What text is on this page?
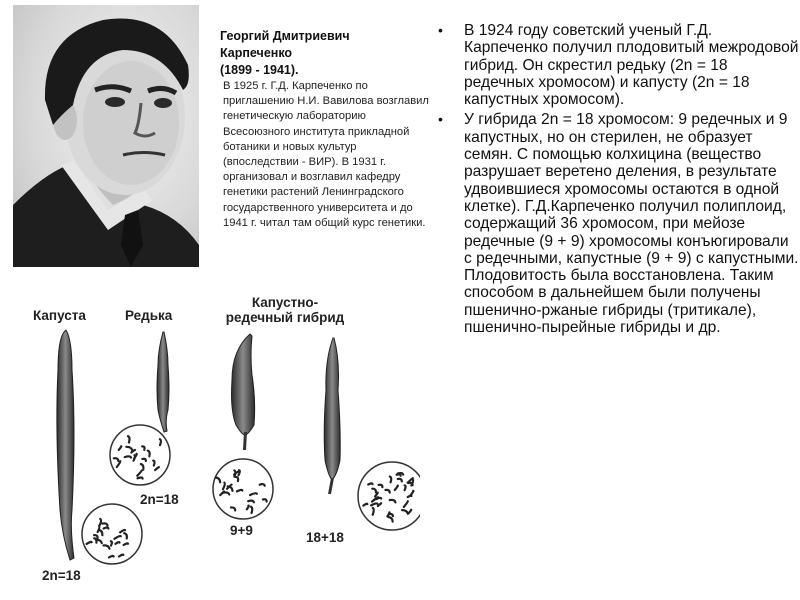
Георгий Дмитриевич
Карпеченко
(1899 - 1941).
В 1925 г. Г.Д. Карпеченко по приглашению Н.И. Вавилова возглавил генетическую лабораторию Всесоюзного института прикладной ботаники и новых культур (впоследствии - ВИР). В 1931 г. организовал и возглавил кафедру генетики растений Ленинградского государственного университета и до 1941 г. читал там общий курс генетики.
• В 1924 году советский ученый Г.Д. Карпеченко получил плодовитый межродовой гибрид. Он скрестил редьку (2n = 18 редечных хромосом) и капусту (2n = 18 капустных хромосом).
• У гибрида 2n = 18 хромосом: 9 редечных и 9 капустных, но он стерилен, не образует семян. С помощью колхицина (вещество разрушает веретено деления, в результате удвоившиеся хромосомы остаются в одной клетке). Г.Д.Карпеченко получил полиплоид, содержащий 36 хромосом, при мейозе редечные (9 + 9) хромосомы конъюгировали с редечными, капустные (9 + 9) с капустными. Плодовитость была восстановлена. Таким способом в дальнейшем были получены пшенично-ржаные гибриды (тритикале), пшенично-пырейные гибриды и др.
Капуста	Редька
Капустно-
редечный гибрид
2n=18
2n=18
9+9	18+18
